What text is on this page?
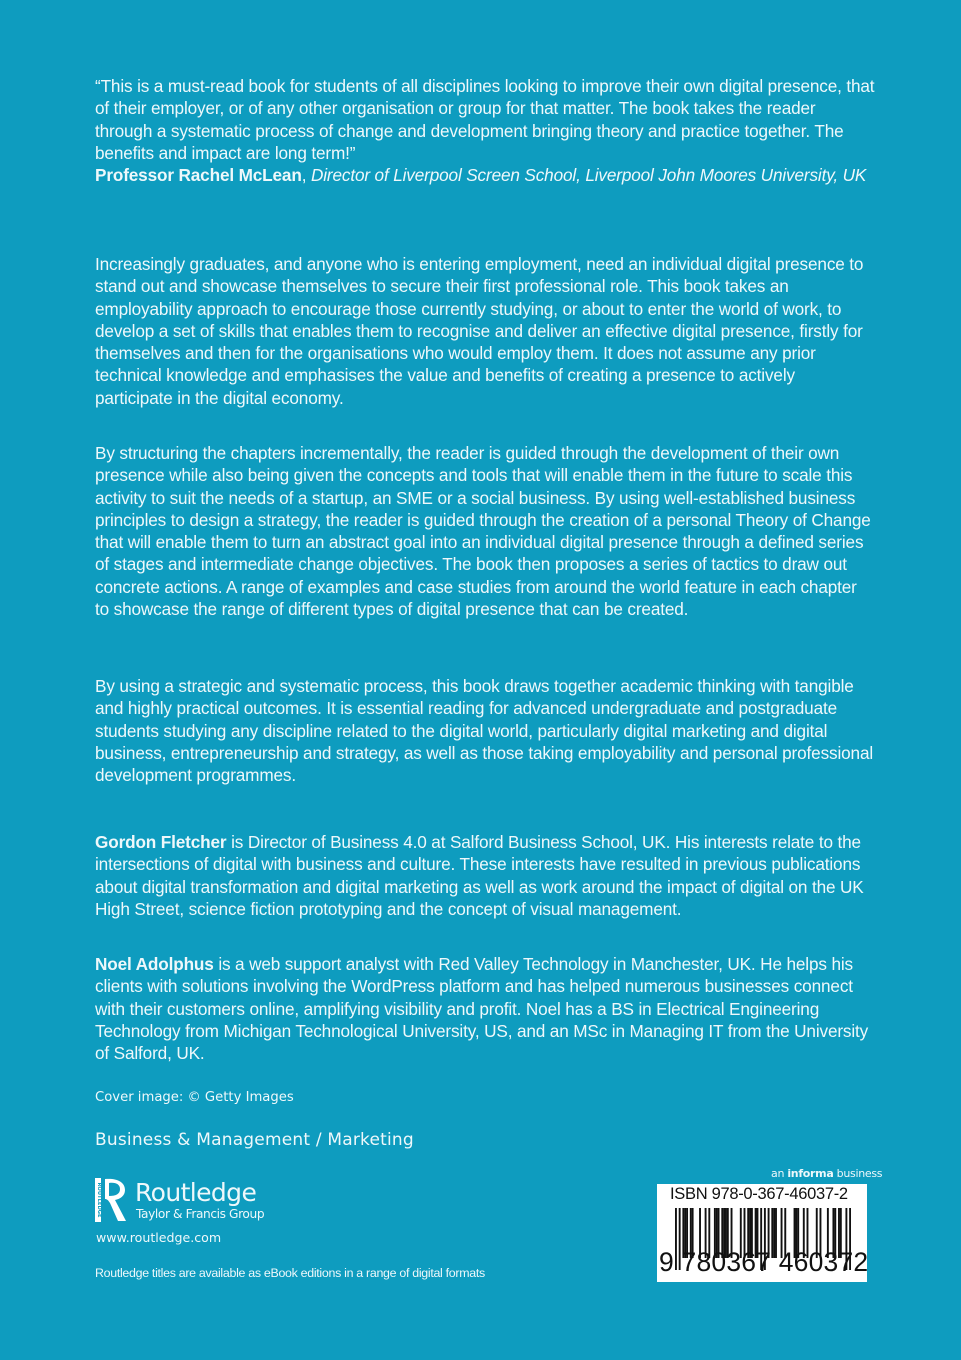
“This is a must-read book for students of all disciplines looking to improve their own digital presence, that of their employer, or of any other organisation or group for that matter. The book takes the reader through a systematic process of change and development bringing theory and practice together. The benefits and impact are long term!”

Professor Rachel McLean, Director of Liverpool Screen School, Liverpool John Moores University, UK

Increasingly graduates, and anyone who is entering employment, need an individual digital presence to stand out and showcase themselves to secure their first professional role. This book takes an employability approach to encourage those currently studying, or about to enter the world of work, to develop a set of skills that enables them to recognise and deliver an effective digital presence, firstly for themselves and then for the organisations who would employ them. It does not assume any prior technical knowledge and emphasises the value and benefits of creating a presence to actively participate in the digital economy.

By structuring the chapters incrementally, the reader is guided through the development of their own presence while also being given the concepts and tools that will enable them in the future to scale this activity to suit the needs of a startup, an SME or a social business. By using well-established business principles to design a strategy, the reader is guided through the creation of a personal Theory of Change that will enable them to turn an abstract goal into an individual digital presence through a defined series of stages and intermediate change objectives. The book then proposes a series of tactics to draw out concrete actions. A range of examples and case studies from around the world feature in each chapter to showcase the range of different types of digital presence that can be created.

By using a strategic and systematic process, this book draws together academic thinking with tangible and highly practical outcomes. It is essential reading for advanced undergraduate and postgraduate students studying any discipline related to the digital world, particularly digital marketing and digital business, entrepreneurship and strategy, as well as those taking employability and personal professional development programmes.

Gordon Fletcher is Director of Business 4.0 at Salford Business School, UK. His interests relate to the intersections of digital with business and culture. These interests have resulted in previous publications about digital transformation and digital marketing as well as work around the impact of digital on the UK High Street, science fiction prototyping and the concept of visual management.

Noel Adolphus is a web support analyst with Red Valley Technology in Manchester, UK. He helps his clients with solutions involving the WordPress platform and has helped numerous businesses connect with their customers online, amplifying visibility and profit. Noel has a BS in Electrical Engineering Technology from Michigan Technological University, US, and an MSc in Managing IT from the University of Salford, UK.

Cover image: © Getty Images
Business & Management / Marketing
ROUTLEDGE Routledge
Taylor & Francis Group
www.routledge.com
Routledge titles are available as eBook editions in a range of digital formats
an informa business
ISBN 978-0-367-46037-2
9 780367 460372
